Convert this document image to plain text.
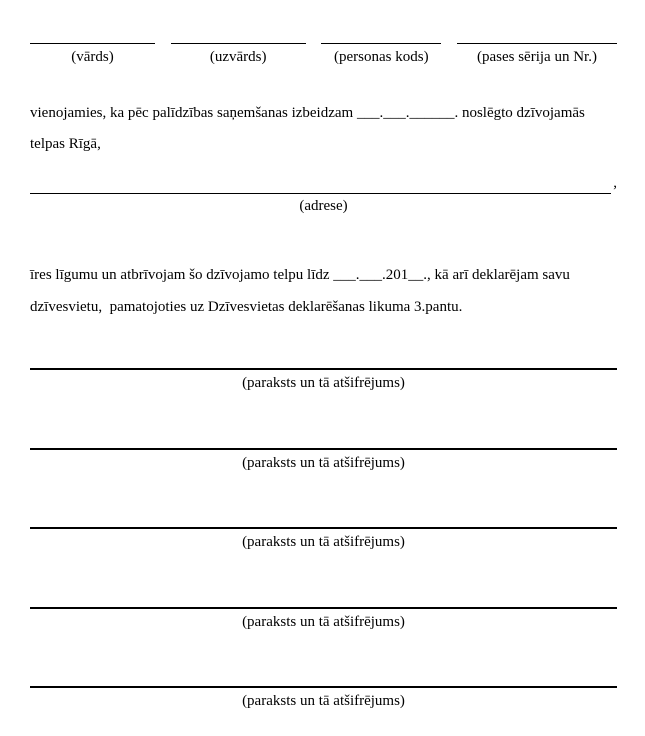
(vārds)	(uzvārds)	(personas kods)	(pases sērija un Nr.)

vienojamies, ka pēc palīdzības saņemšanas izbeidzam ___.___.______. noslēgto dzīvojamās telpas Rīgā,

,
(adrese)

īres līgumu un atbrīvojam šo dzīvojamo telpu līdz ___.___.201__., kā arī deklarējam savu dzīvesvietu,  pamatojoties uz Dzīvesvietas deklarēšanas likuma 3.pantu.

(paraksts un tā atšifrējums)
(paraksts un tā atšifrējums)
(paraksts un tā atšifrējums)
(paraksts un tā atšifrējums)
(paraksts un tā atšifrējums)
